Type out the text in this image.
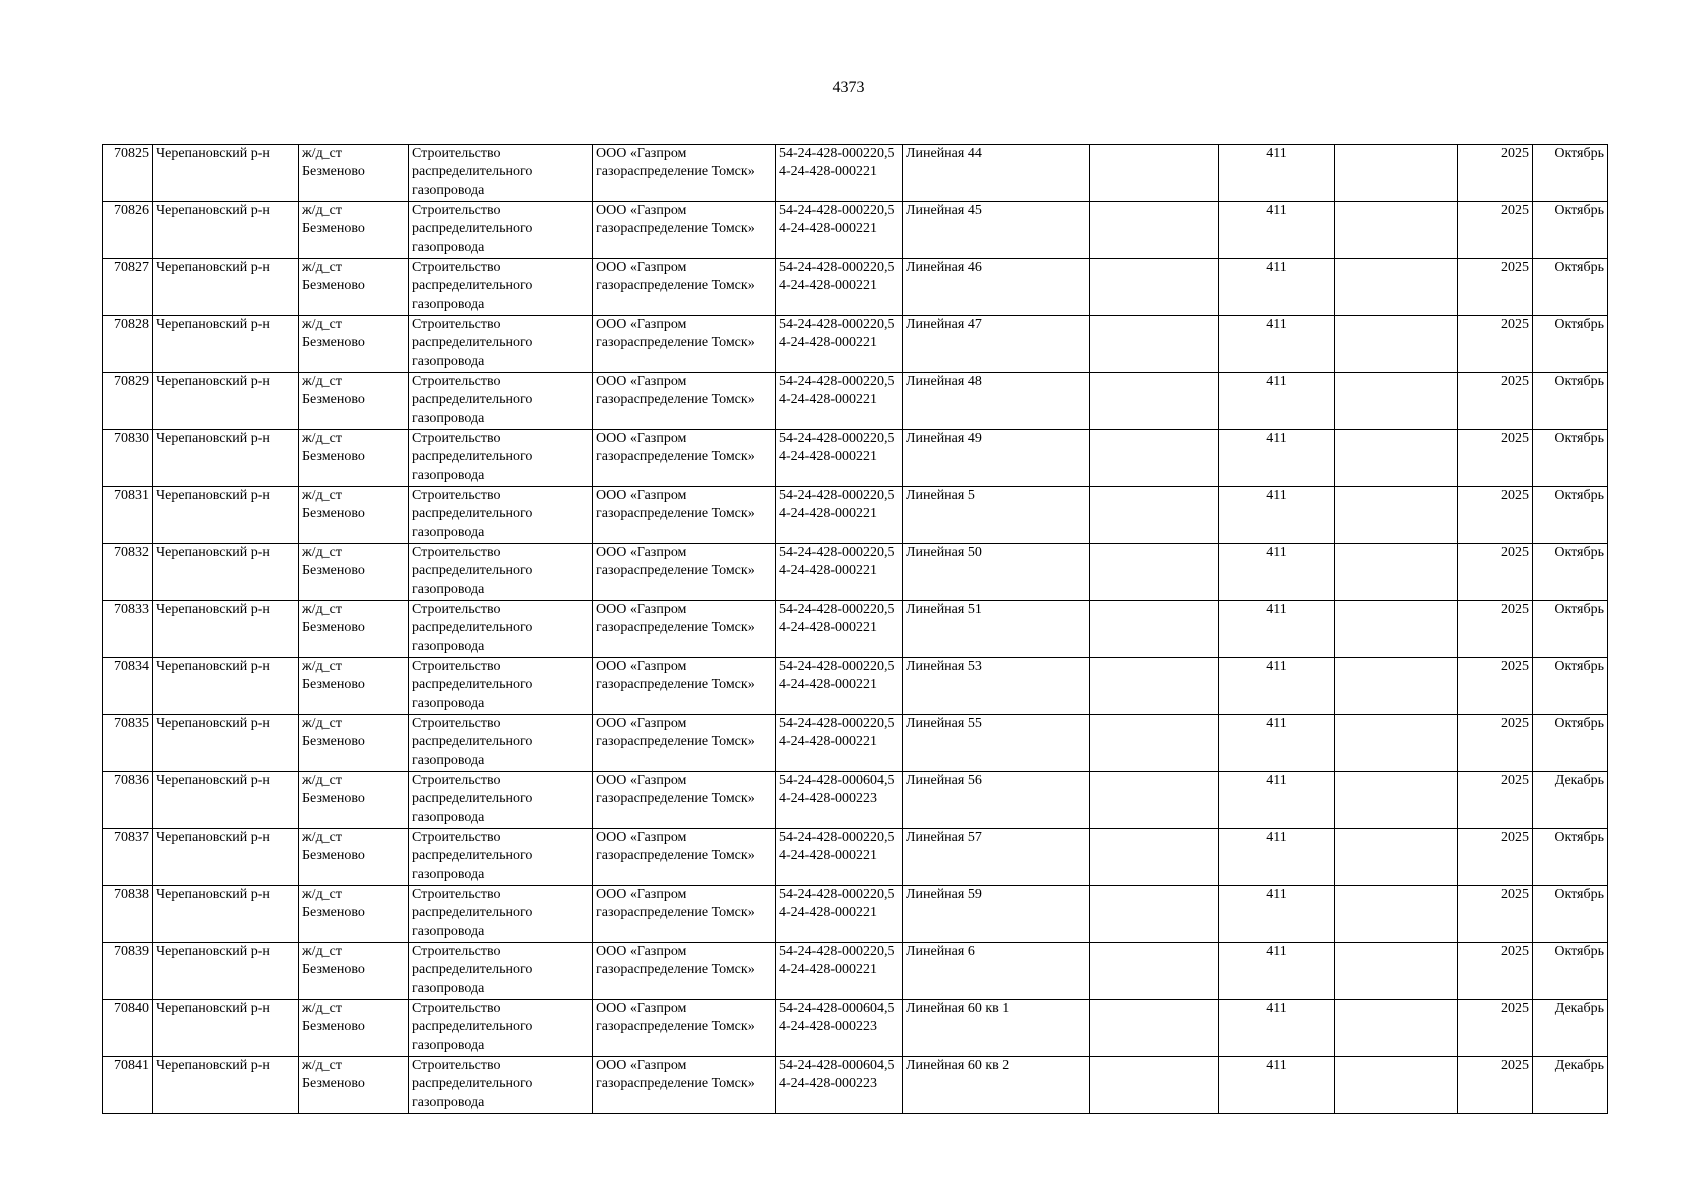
4373
70825	Черепановский р-н	ж/д_ст Безменово	Строительство распределительного газопровода	ООО «Газпром газораспределение Томск»	54-24-428-000220,54-24-428-000221	Линейная 44		411		2025	Октябрь
70826	Черепановский р-н	ж/д_ст Безменово	Строительство распределительного газопровода	ООО «Газпром газораспределение Томск»	54-24-428-000220,54-24-428-000221	Линейная 45		411		2025	Октябрь
70827	Черепановский р-н	ж/д_ст Безменово	Строительство распределительного газопровода	ООО «Газпром газораспределение Томск»	54-24-428-000220,54-24-428-000221	Линейная 46		411		2025	Октябрь
70828	Черепановский р-н	ж/д_ст Безменово	Строительство распределительного газопровода	ООО «Газпром газораспределение Томск»	54-24-428-000220,54-24-428-000221	Линейная 47		411		2025	Октябрь
70829	Черепановский р-н	ж/д_ст Безменово	Строительство распределительного газопровода	ООО «Газпром газораспределение Томск»	54-24-428-000220,54-24-428-000221	Линейная 48		411		2025	Октябрь
70830	Черепановский р-н	ж/д_ст Безменово	Строительство распределительного газопровода	ООО «Газпром газораспределение Томск»	54-24-428-000220,54-24-428-000221	Линейная 49		411		2025	Октябрь
70831	Черепановский р-н	ж/д_ст Безменово	Строительство распределительного газопровода	ООО «Газпром газораспределение Томск»	54-24-428-000220,54-24-428-000221	Линейная 5		411		2025	Октябрь
70832	Черепановский р-н	ж/д_ст Безменово	Строительство распределительного газопровода	ООО «Газпром газораспределение Томск»	54-24-428-000220,54-24-428-000221	Линейная 50		411		2025	Октябрь
70833	Черепановский р-н	ж/д_ст Безменово	Строительство распределительного газопровода	ООО «Газпром газораспределение Томск»	54-24-428-000220,54-24-428-000221	Линейная 51		411		2025	Октябрь
70834	Черепановский р-н	ж/д_ст Безменово	Строительство распределительного газопровода	ООО «Газпром газораспределение Томск»	54-24-428-000220,54-24-428-000221	Линейная 53		411		2025	Октябрь
70835	Черепановский р-н	ж/д_ст Безменово	Строительство распределительного газопровода	ООО «Газпром газораспределение Томск»	54-24-428-000220,54-24-428-000221	Линейная 55		411		2025	Октябрь
70836	Черепановский р-н	ж/д_ст Безменово	Строительство распределительного газопровода	ООО «Газпром газораспределение Томск»	54-24-428-000604,54-24-428-000223	Линейная 56		411		2025	Декабрь
70837	Черепановский р-н	ж/д_ст Безменово	Строительство распределительного газопровода	ООО «Газпром газораспределение Томск»	54-24-428-000220,54-24-428-000221	Линейная 57		411		2025	Октябрь
70838	Черепановский р-н	ж/д_ст Безменово	Строительство распределительного газопровода	ООО «Газпром газораспределение Томск»	54-24-428-000220,54-24-428-000221	Линейная 59		411		2025	Октябрь
70839	Черепановский р-н	ж/д_ст Безменово	Строительство распределительного газопровода	ООО «Газпром газораспределение Томск»	54-24-428-000220,54-24-428-000221	Линейная 6		411		2025	Октябрь
70840	Черепановский р-н	ж/д_ст Безменово	Строительство распределительного газопровода	ООО «Газпром газораспределение Томск»	54-24-428-000604,54-24-428-000223	Линейная 60 кв 1		411		2025	Декабрь
70841	Черепановский р-н	ж/д_ст Безменово	Строительство распределительного газопровода	ООО «Газпром газораспределение Томск»	54-24-428-000604,54-24-428-000223	Линейная 60 кв 2		411		2025	Декабрь
